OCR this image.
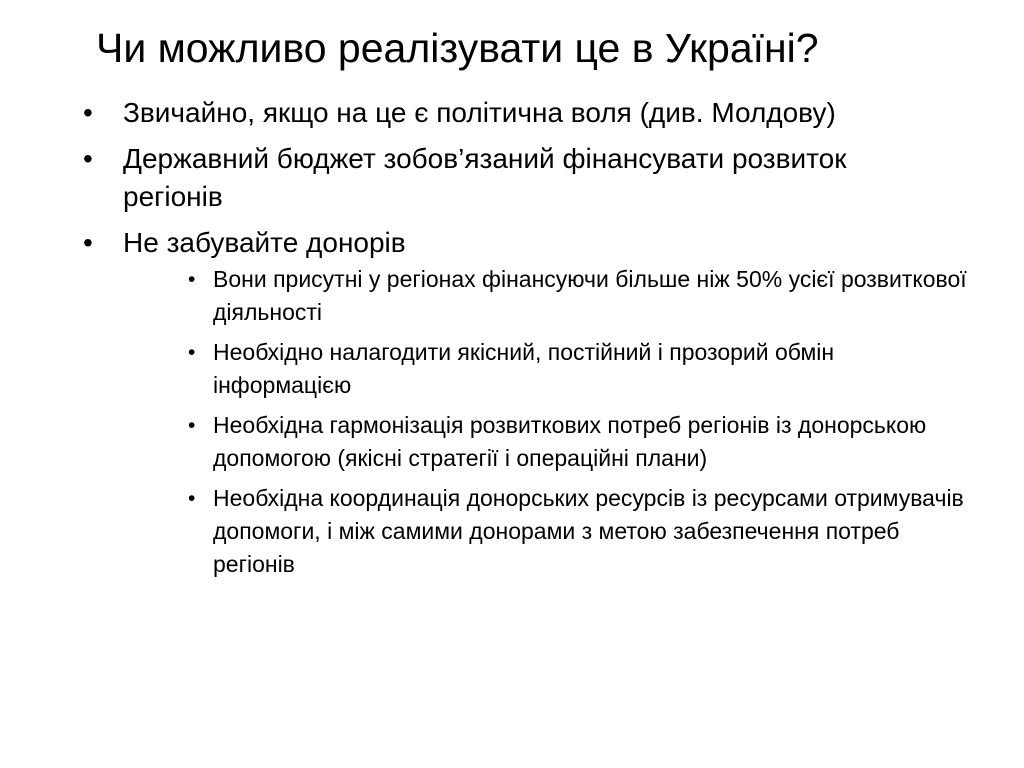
Чи можливо реалізувати це в Україні?
• Звичайно, якщо на це є політична воля (див. Молдову)
• Державний бюджет зобов’язаний фінансувати розвиток регіонів
• Не забувайте донорів
• Вони присутні у регіонах фінансуючи більше ніж 50% усієї розвиткової діяльності
• Необхідно налагодити якісний, постійний і прозорий обмін інформацією
• Необхідна гармонізація розвиткових потреб регіонів із донорською допомогою (якісні стратегії і операційні плани)
• Необхідна координація донорських ресурсів із ресурсами отримувачів допомоги, і між самими донорами з метою забезпечення потреб регіонів
